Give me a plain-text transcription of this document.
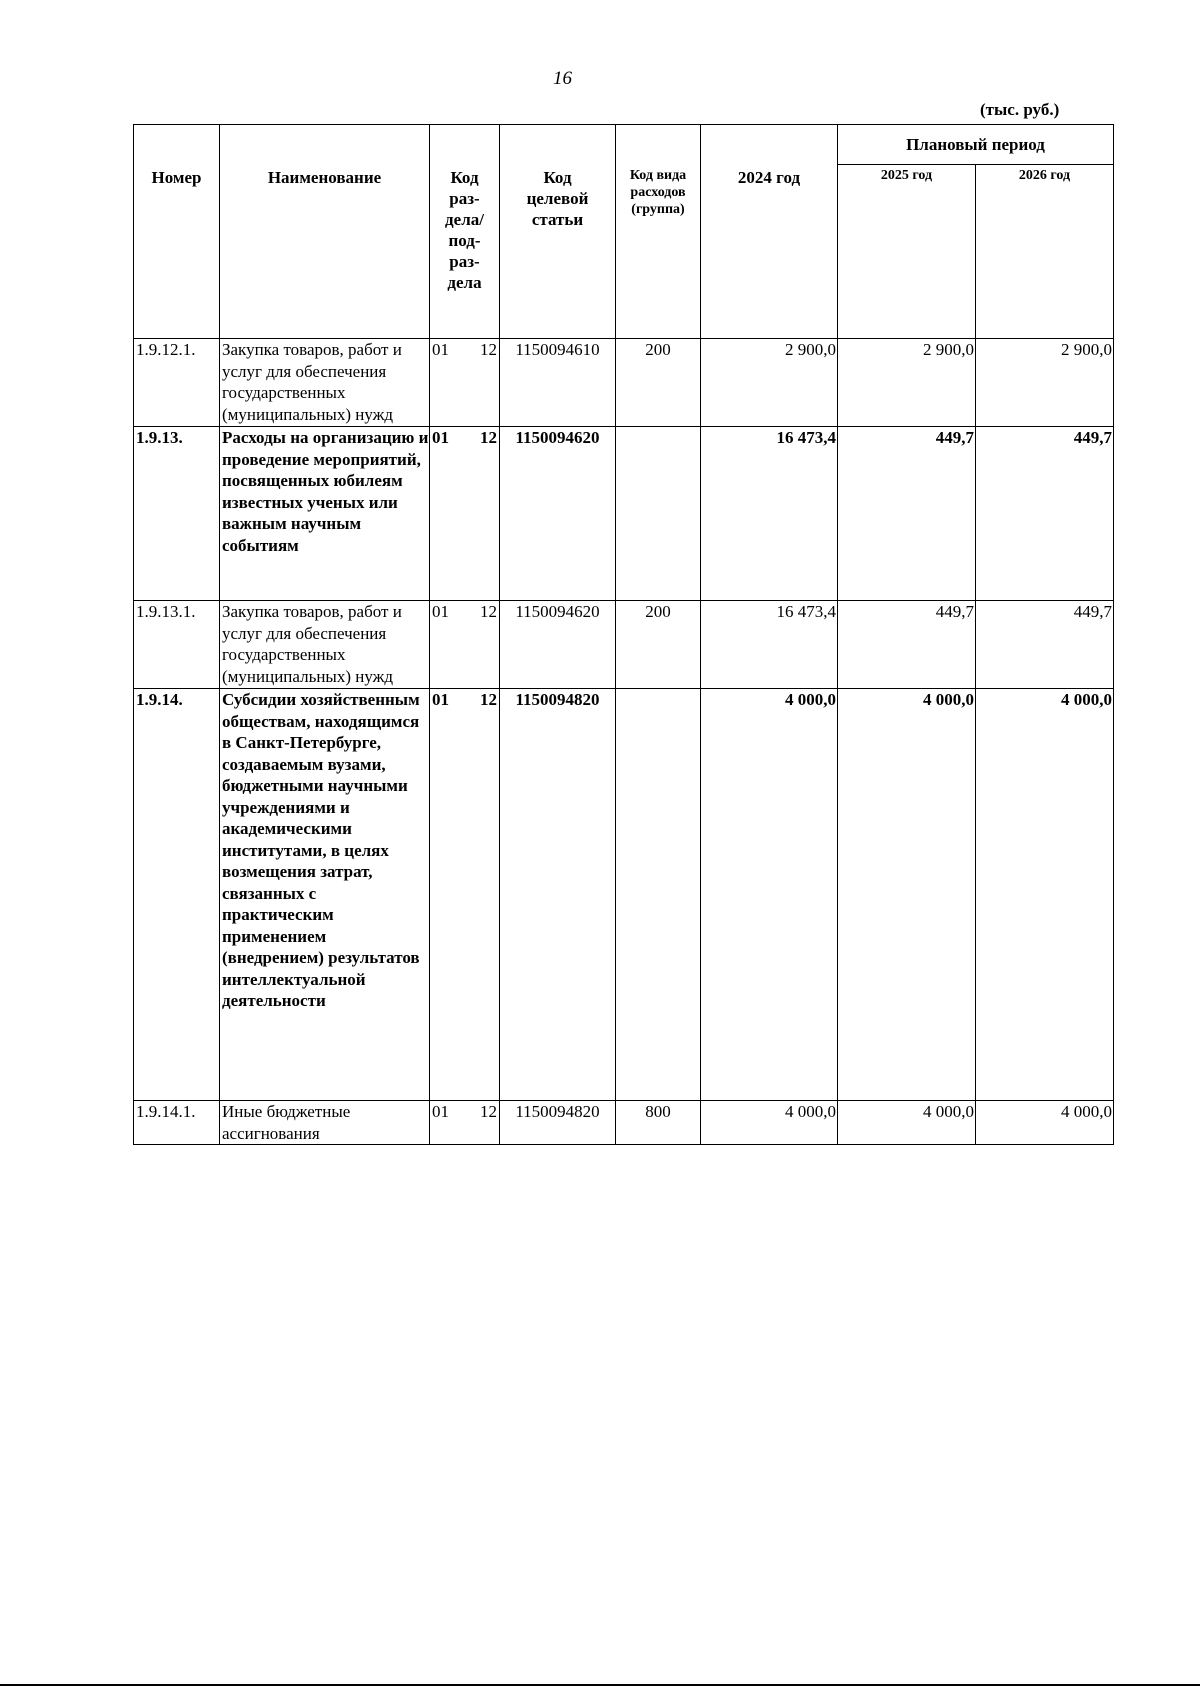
16
(тыс. руб.)
Номер	Наименование	Код раз-дела/ под-раз-дела	Код целевой статьи	Код вида расходов (группа)	2024 год	Плановый период	
						2025 год	2026 год
1.9.12.1.	Закупка товаров, работ и услуг для обеспечения государственных (муниципальных) нужд	01 12	1150094610	200	2 900,0	2 900,0	2 900,0
1.9.13.	Расходы на организацию и проведение мероприятий, посвященных юбилеям известных ученых или важным научным событиям	01 12	1150094620		16 473,4	449,7	449,7
1.9.13.1.	Закупка товаров, работ и услуг для обеспечения государственных (муниципальных) нужд	01 12	1150094620	200	16 473,4	449,7	449,7
1.9.14.	Субсидии хозяйственным обществам, находящимся в Санкт-Петербурге, создаваемым вузами, бюджетными научными учреждениями и академическими институтами, в целях возмещения затрат, связанных с практическим применением (внедрением) результатов интеллектуальной деятельности	01 12	1150094820		4 000,0	4 000,0	4 000,0
1.9.14.1.	Иные бюджетные ассигнования	01 12	1150094820	800	4 000,0	4 000,0	4 000,0
